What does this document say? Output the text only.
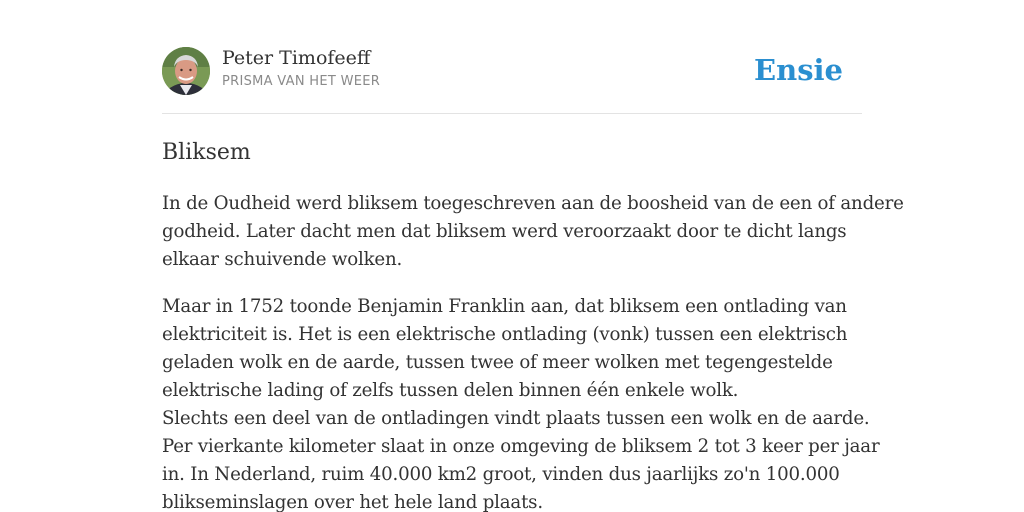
Peter Timofeeff
PRISMA VAN HET WEER	Ensie
Bliksem

In de Oudheid werd bliksem toegeschreven aan de boosheid van de een of andere
godheid. Later dacht men dat bliksem werd veroorzaakt door te dicht langs
elkaar schuivende wolken.

Maar in 1752 toonde Benjamin Franklin aan, dat bliksem een ontlading van
elektriciteit is. Het is een elektrische ontlading (vonk) tussen een elektrisch
geladen wolk en de aarde, tussen twee of meer wolken met tegengestelde
elektrische lading of zelfs tussen delen binnen één enkele wolk.
Slechts een deel van de ontladingen vindt plaats tussen een wolk en de aarde.
Per vierkante kilometer slaat in onze omgeving de bliksem 2 tot 3 keer per jaar
in. In Nederland, ruim 40.000 km2 groot, vinden dus jaarlijks zo'n 100.000
blikseminslagen over het hele land plaats.
